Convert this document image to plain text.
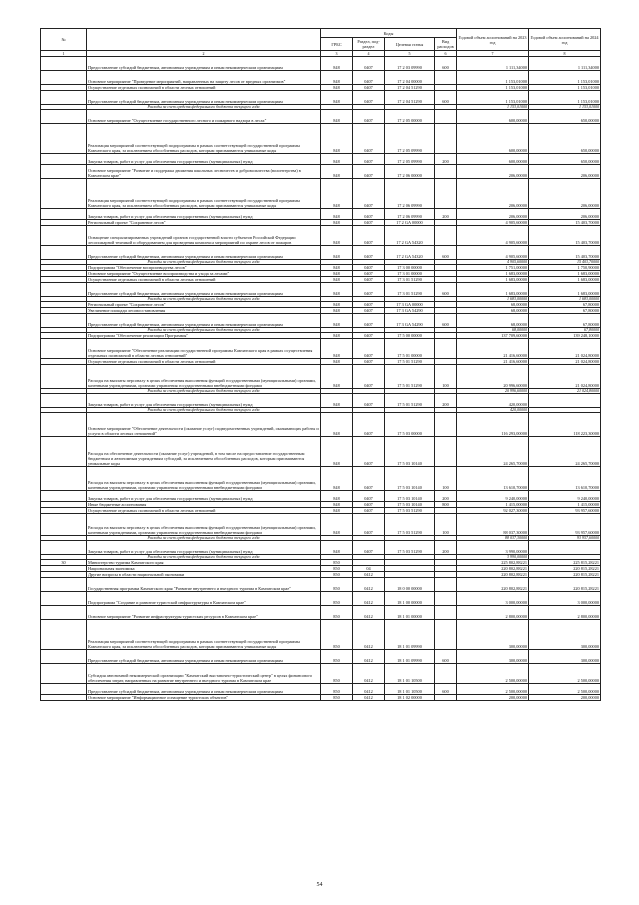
№		Коды				Годовой объем ассигнований на 2023 год	Годовой объем ассигнований на 2024 год
		ГРБС	Раздел, под-раздел	Целевая статья	Вид расходов		
1	2	3	4	5	6	7	8
	Предоставление субсидий бюджетным, автономным учреждениям и иным некоммерческим организациям	848	0407	17 2 03 09990	600	1 111,34000	1 111,34000
	Основное мероприятие "Проведение мероприятий, направленных на защиту лесов от вредных организмов"	848	0407	17 2 04 00000		1 153,01000	1 153,01000
	Осуществление отдельных полномочий в области лесных отношений	848	0407	17 2 04 51290		1 153,01000	1 153,01000
	Предоставление субсидий бюджетным, автономным учреждениям и иным некоммерческим организациям	848	0407	17 2 04 51290	600	1 153,01000	1 153,01000
	Расходы за счет средств федерального бюджета текущего года					1 153,01000	1 153,01000
	Основное мероприятие "Осуществление государственного лесного и пожарного надзора в лесах"	848	0407	17 2 05 00000		600,00000	650,00000
	Реализация мероприятий соответствующей подпрограммы в рамках соответствующей государственной программы Камчатского края, за исключением обособленных расходов, которым присваиваются уникальные коды	848	0407	17 2 05 09990		600,00000	650,00000
	Закупка товаров, работ и услуг для обеспечения государственных (муниципальных) нужд	848	0407	17 2 05 09990	200	600,00000	650,00000
	Основное мероприятие "Развитие и поддержка движения школьных лесничеств и добровольчества (волонтерства) в Камчатском крае"	848	0407	17 2 06 00000		206,00000	206,00000
	Реализация мероприятий соответствующей подпрограммы в рамках соответствующей государственной программы Камчатского края, за исключением обособленных расходов, которым присваиваются уникальные коды	848	0407	17 2 06 09990		206,00000	206,00000
	Закупка товаров, работ и услуг для обеспечения государственных (муниципальных) нужд	848	0407	17 2 06 09990	200	206,00000	206,00000
	Региональный проект "Сохранение лесов"	848	0407	17 2 GA 00000		4 905,60000	15 403,70000
	Оснащение специализированных учреждений органов государственной власти субъектов Российской Федерации лесопожарной техникой и оборудованием для проведения комплекса мероприятий по охране лесов от пожаров	848	0407	17 2 GA 54320		4 905,60000	15 403,70000
	Предоставление субсидий бюджетным, автономным учреждениям и иным некоммерческим организациям	848	0407	17 2 GA 54320	600	4 905,60000	15 403,70000
	Расходы за счет средств федерального бюджета текущего года					4 905,60000	15 403,70000
	Подпрограмма "Обеспечение воспроизводства лесов"	848	0407	17 3 00 00000		1 751,00000	1 750,90000
	Основное мероприятие "Осуществление воспроизводства и ухода за лесами"	848	0407	17 3 01 00000		1 683,00000	1 683,00000
	Осуществление отдельных полномочий в области лесных отношений	848	0407	17 3 01 51290		1 683,00000	1 683,00000
	Предоставление субсидий бюджетным, автономным учреждениям и иным некоммерческим организациям	848	0407	17 3 01 51290	600	1 683,00000	1 683,00000
	Расходы за счет средств федерального бюджета текущего года					1 683,00000	1 683,00000
	Региональный проект "Сохранение лесов"	848	0407	17 3 GA 00000		68,00000	67,80000
	Увеличение площади лесовосстановления	848	0407	17 3 GA 54290		68,00000	67,80000
	Предоставление субсидий бюджетным, автономным учреждениям и иным некоммерческим организациям	848	0407	17 3 GA 54290	600	68,00000	67,80000
	Расходы за счет средств федерального бюджета текущего года					68,00000	67,80000
	Подпрограмма "Обеспечение реализации Программы"	848	0407	17 5 00 00000		137 709,60000	139 248,10000
	Основное мероприятие "Обеспечение реализации государственной программы Камчатского края в рамках осуществления отдельных полномочий в области лесных отношений"	848	0407	17 5 01 00000		21 416,60000	21 024,80000
	Осуществление отдельных полномочий в области лесных отношений	848	0407	17 5 01 51290		21 416,60000	21 024,80000
	Расходы на выплаты персоналу в целях обеспечения выполнения функций государственными (муниципальными) органами, казенными учреждениями, органами управления государственными внебюджетными фондами	848	0407	17 5 01 51290	100	20 996,60000	21 024,80000
	Расходы за счет средств федерального бюджета текущего года					20 996,60000	21 024,80000
	Закупка товаров, работ и услуг для обеспечения государственных (муниципальных) нужд	848	0407	17 5 01 51290	200	420,00000	
	Расходы за счет средств федерального бюджета текущего года					420,00000	
	Основное мероприятие "Обеспечение деятельности (оказание услуг) подведомственных учреждений, оказывающих работы и услуги в области лесных отношений"	848	0407	17 5 03 00000		116 293,00000	118 223,30000
	Расходы на обеспечение деятельности (оказание услуг) учреждений, в том числе на предоставление государственным бюджетным и автономным учреждениям субсидий, за исключением обособленных расходов, которым присваиваются уникальные коды	848	0407	17 5 03 10140		24 265,70000	24 265,70000
	Расходы на выплаты персоналу в целях обеспечения выполнения функций государственными (муниципальными) органами, казенными учреждениями, органами управления государственными внебюджетными фондами	848	0407	17 5 03 10140	100	13 610,70000	13 610,70000
	Закупка товаров, работ и услуг для обеспечения государственных (муниципальных) нужд	848	0407	17 5 03 10140	200	9 240,00000	9 240,00000
	Иные бюджетные ассигнования	848	0407	17 5 03 10140	800	1 415,00000	1 415,00000
	Осуществление отдельных полномочий в области лесных отношений	848	0407	17 5 03 51290		92 027,30000	93 957,60000
	Расходы на выплаты персоналу в целях обеспечения выполнения функций государственными (муниципальными) органами, казенными учреждениями, органами управления государственными внебюджетными фондами	848	0407	17 5 03 51290	100	88 037,30000	93 957,60000
	Расходы за счет средств федерального бюджета текущего года					88 037,30000	93 957,60000
	Закупка товаров, работ и услуг для обеспечения государственных (муниципальных) нужд	848	0407	17 5 03 51290	200	3 990,00000	
	Расходы за счет средств федерального бюджета текущего года					3 990,00000	
30	Министерство туризма Камчатского края	850				225 802,88221	225 815,28221
	Национальная экономика	850	04			220 802,88221	220 815,28221
	Другие вопросы в области национальной экономики	850	0412			220 802,88221	220 815,28221
	Государственная программа Камчатского края "Развитие внутреннего и въездного туризма в Камчатском крае"	850	0412	18 0 00 00000		220 802,88221	220 815,28221
	Подпрограмма "Создание и развитие туристской инфраструктуры в Камчатском крае"	850	0412	18 1 00 00000		3 000,00000	3 000,00000
	Основное мероприятие "Развитие инфраструктуры туристских ресурсов в Камчатском крае"	850	0412	18 1 01 00000		2 800,00000	2 800,00000
	Реализация мероприятий соответствующей подпрограммы в рамках соответствующей государственной программы Камчатского края, за исключением обособленных расходов, которым присваиваются уникальные коды	850	0412	18 1 01 09990		300,00000	300,00000
	Предоставление субсидий бюджетным, автономным учреждениям и иным некоммерческим организациям	850	0412	18 1 01 09990	600	300,00000	300,00000
	Субсидия автономной некоммерческой организации "Камчатский выставочно-туристический центр" в целях финансового обеспечения затрат, направленных на развитие внутреннего и въездного туризма в Камчатском крае	850	0412	18 1 01 10500		2 500,00000	2 500,00000
	Предоставление субсидий бюджетным, автономным учреждениям и иным некоммерческим организациям	850	0412	18 1 01 10500	600	2 500,00000	2 500,00000
	Основное мероприятие "Информационное оснащение туристских объектов"	850	0412	18 1 02 00000		200,00000	200,00000
54
